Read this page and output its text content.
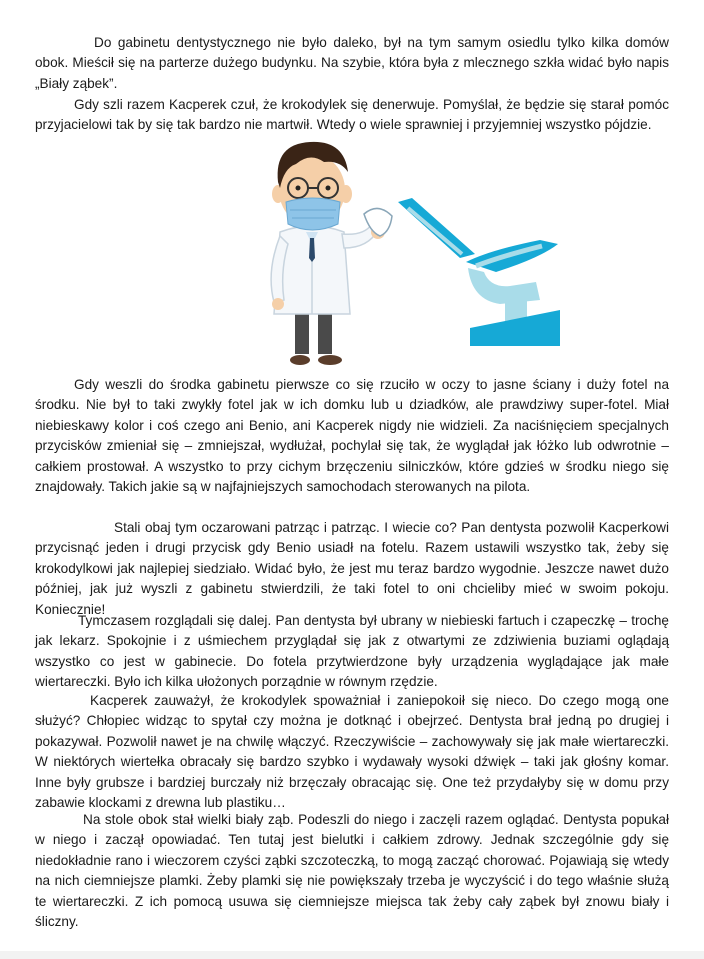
Do gabinetu dentystycznego nie było daleko, był na tym samym osiedlu tylko kilka domów obok. Mieścił się na parterze dużego budynku. Na szybie, która była z mlecznego szkła widać było napis „Biały ząbek”.

Gdy szli razem Kacperek czuł, że krokodylek się denerwuje. Pomyślał, że będzie się starał pomóc przyjacielowi tak by się tak bardzo nie martwił. Wtedy o wiele sprawniej i przyjemniej wszystko pójdzie.

Gdy weszli do środka gabinetu pierwsze co się rzuciło w oczy to jasne ściany i duży fotel na środku. Nie był to taki zwykły fotel jak w ich domku lub u dziadków, ale prawdziwy super-fotel. Miał niebieskawy kolor i coś czego ani Benio, ani Kacperek nigdy nie widzieli. Za naciśnięciem specjalnych przycisków zmieniał się – zmniejszał, wydłużał, pochylał się tak, że wyglądał jak łóżko lub odwrotnie – całkiem prostował. A wszystko to przy cichym brzęczeniu silniczków, które gdzieś w środku niego się znajdowały. Takich jakie są w najfajniejszych samochodach sterowanych na pilota.

Stali obaj tym oczarowani patrząc i patrząc. I wiecie co? Pan dentysta pozwolił Kacperkowi przycisnąć jeden i drugi przycisk gdy Benio usiadł na fotelu. Razem ustawili wszystko tak, żeby się krokodylkowi jak najlepiej siedziało. Widać było, że jest mu teraz bardzo wygodnie. Jeszcze nawet dużo później, jak już wyszli z gabinetu stwierdzili, że taki fotel to oni chcieliby mieć w swoim pokoju. Koniecznie!

Tymczasem rozglądali się dalej. Pan dentysta był ubrany w niebieski fartuch i czapeczkę – trochę jak lekarz. Spokojnie i z uśmiechem przyglądał się jak z otwartymi ze zdziwienia buziami oglądają wszystko co jest w gabinecie. Do fotela przytwierdzone były urządzenia wyglądające jak małe wiertareczki. Było ich kilka ułożonych porządnie w równym rzędzie.

Kacperek zauważył, że krokodylek spoważniał i zaniepokoił się nieco. Do czego mogą one służyć? Chłopiec widząc to spytał czy można je dotknąć i obejrzeć. Dentysta brał jedną po drugiej i pokazywał. Pozwolił nawet je na chwilę włączyć. Rzeczywiście – zachowywały się jak małe wiertareczki. W niektórych wiertełka obracały się bardzo szybko i wydawały wysoki dźwięk – taki jak głośny komar. Inne były grubsze i bardziej burczały niż brzęczały obracając się. One też przydałyby się w domu przy zabawie klockami z drewna lub plastiku…

Na stole obok stał wielki biały ząb. Podeszli do niego i zaczęli razem oglądać. Dentysta popukał w niego i zaczął opowiadać. Ten tutaj jest bielutki i całkiem zdrowy. Jednak szczególnie gdy się niedokładnie rano i wieczorem czyści ząbki szczoteczką, to mogą zacząć chorować. Pojawiają się wtedy na nich ciemniejsze plamki. Żeby plamki się nie powiększały trzeba je wyczyścić i do tego właśnie służą te wiertareczki. Z ich pomocą usuwa się ciemniejsze miejsca tak żeby cały ząbek był znowu biały i śliczny.
